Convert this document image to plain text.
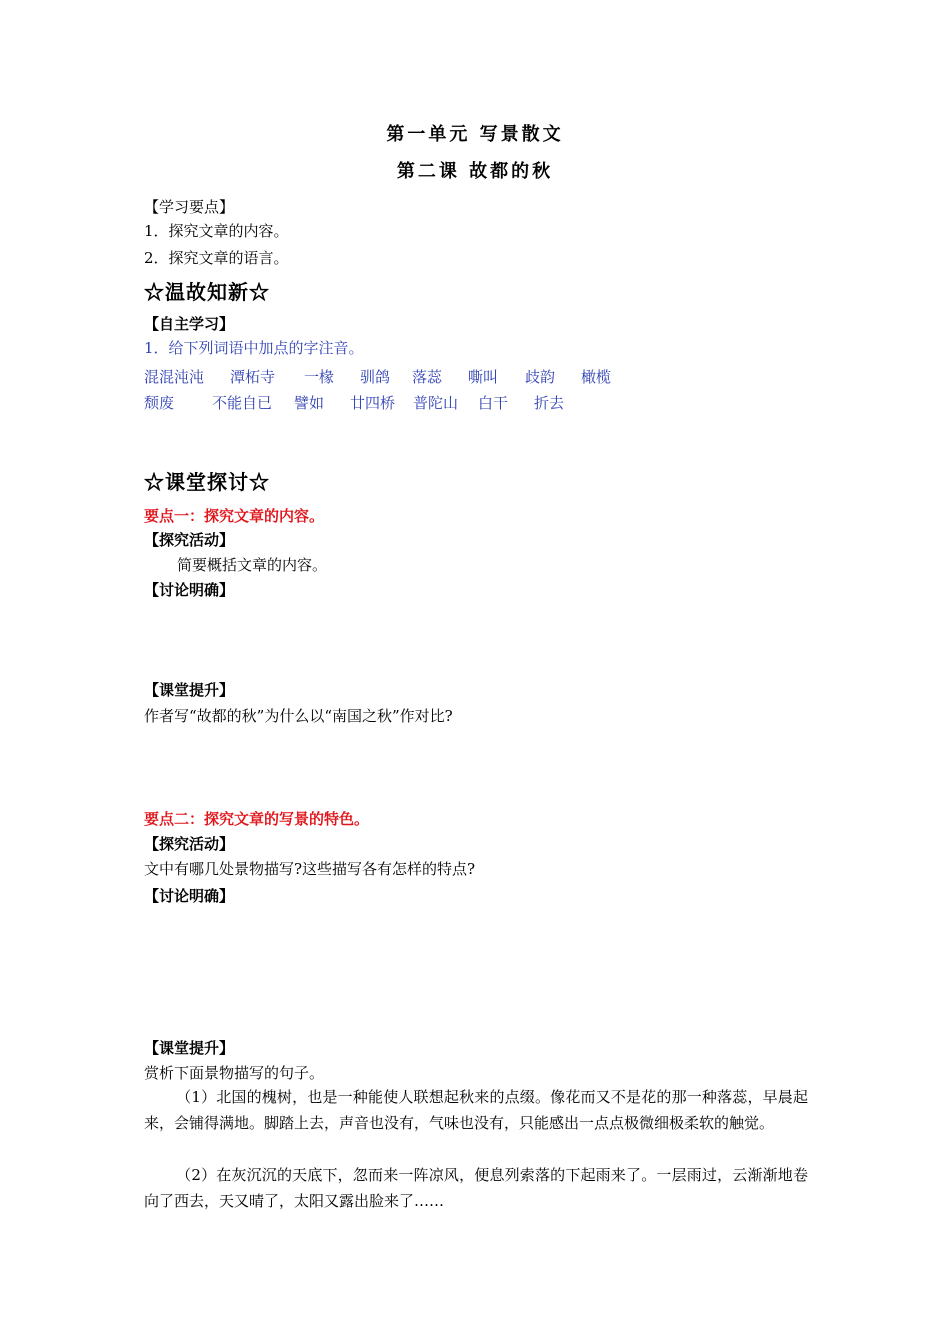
第一单元 写景散文
第二课 故都的秋
【学习要点】
1．探究文章的内容。
2．探究文章的语言。
☆温故知新☆
【自主学习】
1．给下列词语中加点的字注音。
混混沌沌 潭柘寺 一椽 驯鸽 落蕊 嘶叫 歧韵 橄榄
颓废	不能自已 譬如 廿四桥 普陀山 白干 折去
☆课堂探讨☆
要点一：探究文章的内容。
【探究活动】
简要概括文章的内容。
【讨论明确】
【课堂提升】
作者写“故都的秋”为什么以“南国之秋”作对比?
要点二：探究文章的写景的特色。
【探究活动】
文中有哪几处景物描写?这些描写各有怎样的特点?
【讨论明确】
【课堂提升】
赏析下面景物描写的句子。
（1）北国的槐树，也是一种能使人联想起秋来的点缀。像花而又不是花的那一种落蕊，早晨起来，会铺得满地。脚踏上去，声音也没有，气味也没有，只能感出一点点极微细极柔软的触觉。
（2）在灰沉沉的天底下，忽而来一阵凉风，便息列索落的下起雨来了。一层雨过，云渐渐地卷向了西去，天又晴了，太阳又露出脸来了……
